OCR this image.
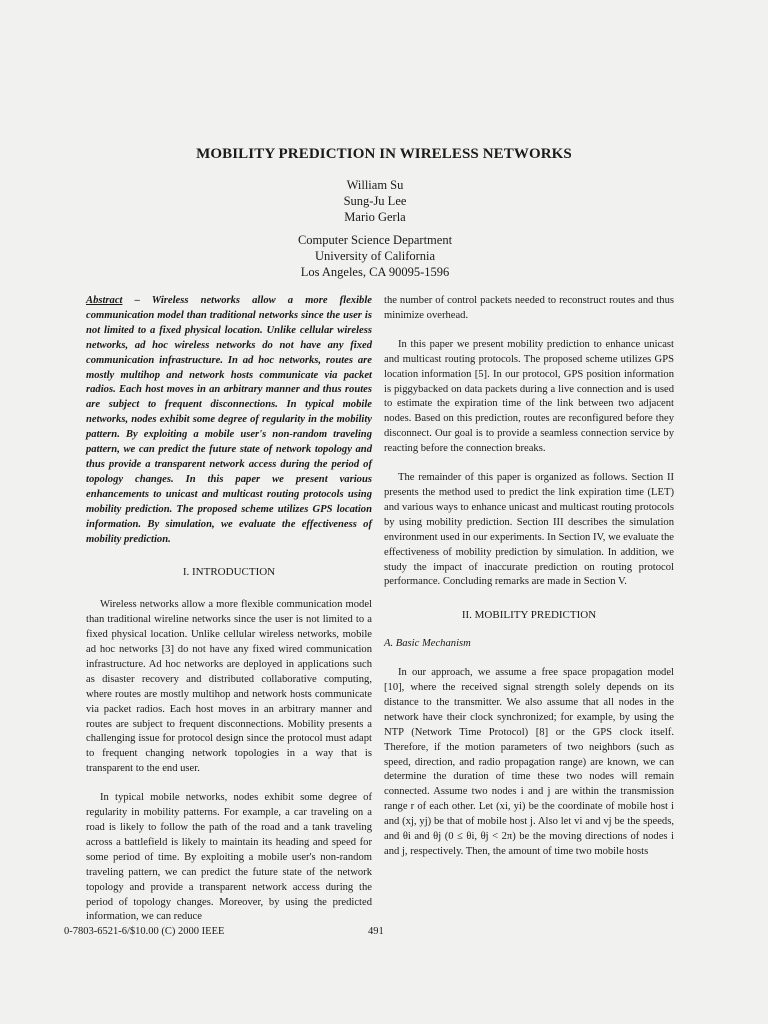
MOBILITY PREDICTION IN WIRELESS NETWORKS
William Su
Sung-Ju Lee
Mario Gerla
Computer Science Department
University of California
Los Angeles, CA 90095-1596

Abstract – Wireless networks allow a more flexible communication model than traditional networks since the user is not limited to a fixed physical location. Unlike cellular wireless networks, ad hoc wireless networks do not have any fixed communication infrastructure. In ad hoc networks, routes are mostly multihop and network hosts communicate via packet radios. Each host moves in an arbitrary manner and thus routes are subject to frequent disconnections. In typical mobile networks, nodes exhibit some degree of regularity in the mobility pattern. By exploiting a mobile user's non-random traveling pattern, we can predict the future state of network topology and thus provide a transparent network access during the period of topology changes. In this paper we present various enhancements to unicast and multicast routing protocols using mobility prediction. The proposed scheme utilizes GPS location information. By simulation, we evaluate the effectiveness of mobility prediction.

I. INTRODUCTION

Wireless networks allow a more flexible communication model than traditional wireline networks since the user is not limited to a fixed physical location. Unlike cellular wireless networks, mobile ad hoc networks [3] do not have any fixed wired communication infrastructure. Ad hoc networks are deployed in applications such as disaster recovery and distributed collaborative computing, where routes are mostly multihop and network hosts communicate via packet radios. Each host moves in an arbitrary manner and routes are subject to frequent disconnections. Mobility presents a challenging issue for protocol design since the protocol must adapt to frequent changing network topologies in a way that is transparent to the end user.

In typical mobile networks, nodes exhibit some degree of regularity in mobility patterns. For example, a car traveling on a road is likely to follow the path of the road and a tank traveling across a battlefield is likely to maintain its heading and speed for some period of time. By exploiting a mobile user's non-random traveling pattern, we can predict the future state of the network topology and provide a transparent network access during the period of topology changes. Moreover, by using the predicted information, we can reduce

the number of control packets needed to reconstruct routes and thus minimize overhead.

In this paper we present mobility prediction to enhance unicast and multicast routing protocols. The proposed scheme utilizes GPS location information [5]. In our protocol, GPS position information is piggybacked on data packets during a live connection and is used to estimate the expiration time of the link between two adjacent nodes. Based on this prediction, routes are reconfigured before they disconnect. Our goal is to provide a seamless connection service by reacting before the connection breaks.

The remainder of this paper is organized as follows. Section II presents the method used to predict the link expiration time (LET) and various ways to enhance unicast and multicast routing protocols by using mobility prediction. Section III describes the simulation environment used in our experiments. In Section IV, we evaluate the effectiveness of mobility prediction by simulation. In addition, we study the impact of inaccurate prediction on routing protocol performance. Concluding remarks are made in Section V.

II. MOBILITY PREDICTION

A. Basic Mechanism

In our approach, we assume a free space propagation model [10], where the received signal strength solely depends on its distance to the transmitter. We also assume that all nodes in the network have their clock synchronized; for example, by using the NTP (Network Time Protocol) [8] or the GPS clock itself. Therefore, if the motion parameters of two neighbors (such as speed, direction, and radio propagation range) are known, we can determine the duration of time these two nodes will remain connected. Assume two nodes i and j are within the transmission range r of each other. Let (xi, yi) be the coordinate of mobile host i and (xj, yj) be that of mobile host j. Also let vi and vj be the speeds, and θi and θj (0 ≤ θi, θj < 2π) be the moving directions of nodes i and j, respectively. Then, the amount of time two mobile hosts

0-7803-6521-6/$10.00 (C) 2000 IEEE	491
